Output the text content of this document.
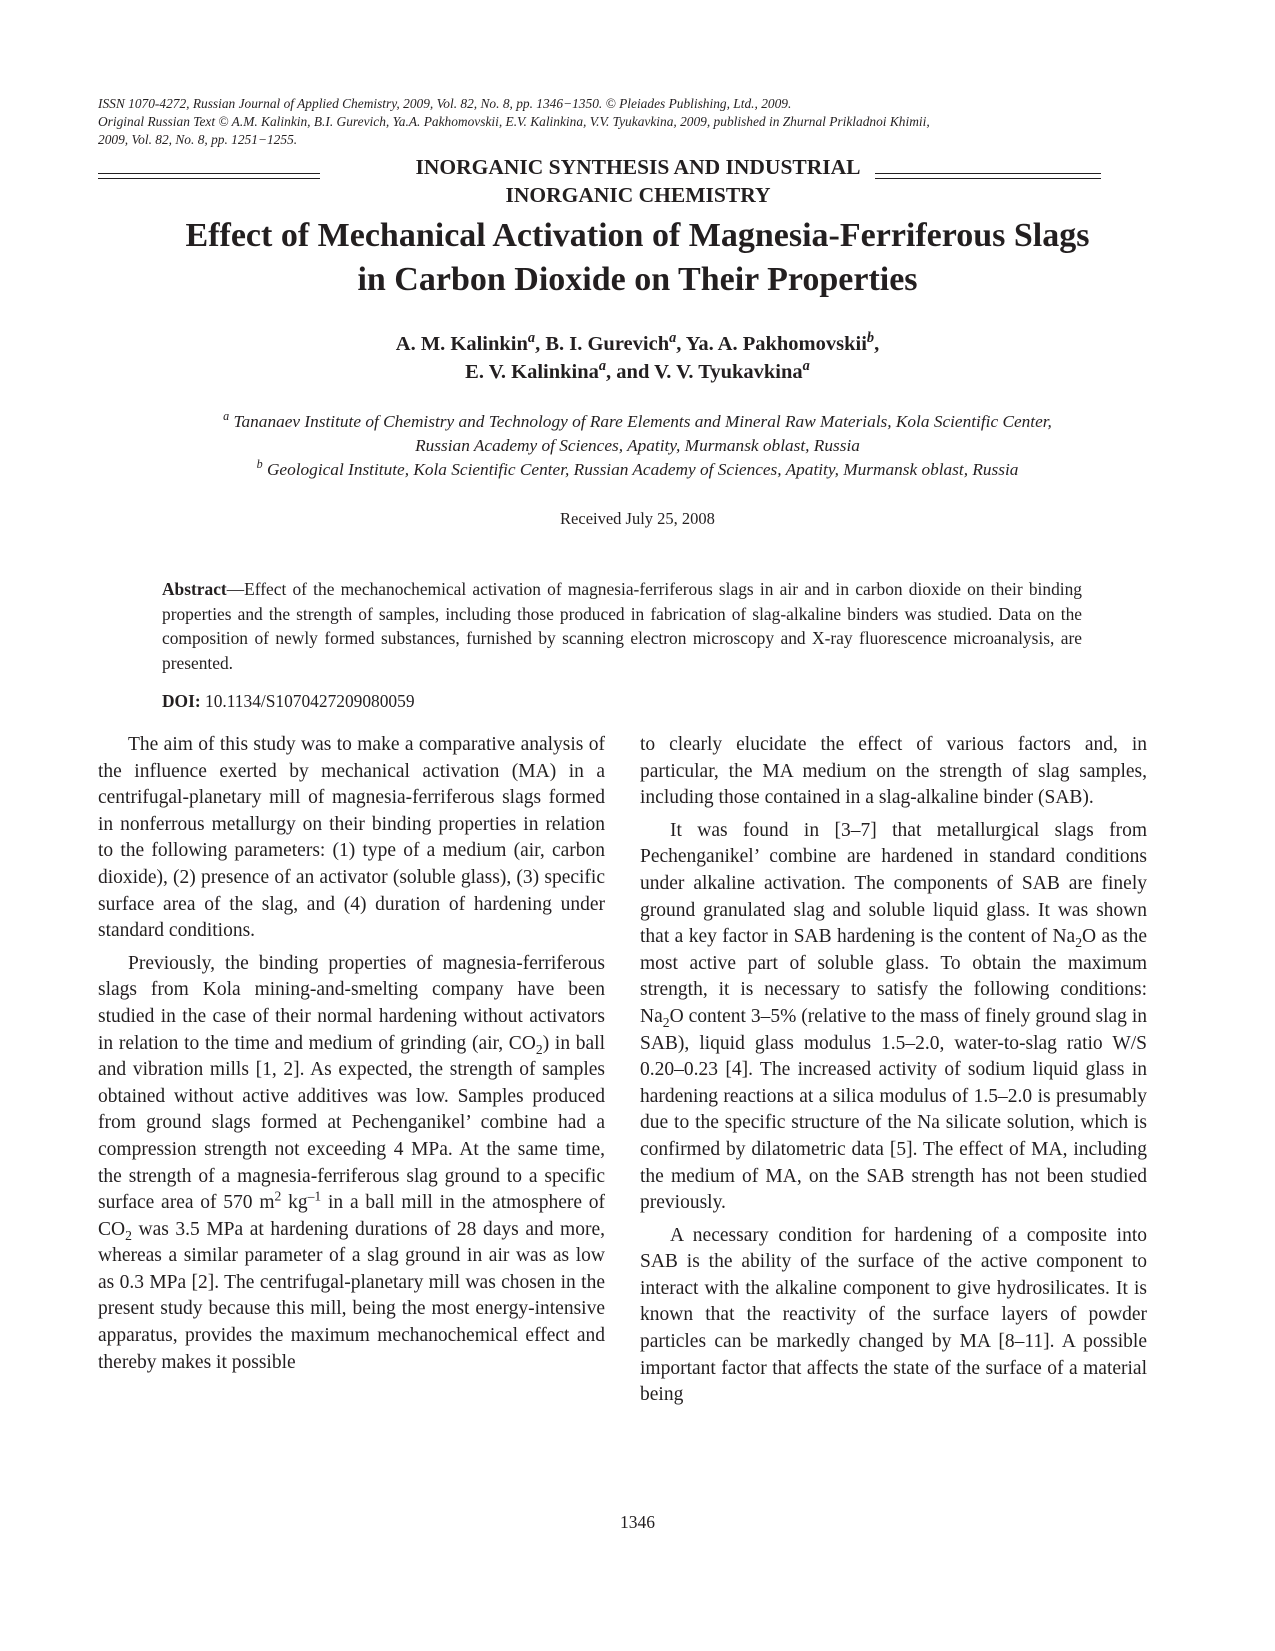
ISSN 1070-4272, Russian Journal of Applied Chemistry, 2009, Vol. 82, No. 8, pp. 1346−1350. © Pleiades Publishing, Ltd., 2009.
Original Russian Text © A.M. Kalinkin, B.I. Gurevich, Ya.A. Pakhomovskii, E.V. Kalinkina, V.V. Tyukavkina, 2009, published in Zhurnal Prikladnoi Khimii,
2009, Vol. 82, No. 8, pp. 1251−1255.
INORGANIC SYNTHESIS AND INDUSTRIAL
INORGANIC CHEMISTRY
Effect of Mechanical Activation of Magnesia-Ferriferous Slags
in Carbon Dioxide on Their Properties
A. M. Kalinkin$^a$, B. I. Gurevich$^a$, Ya. A. Pakhomovskii$^b$,
E. V. Kalinkina$^a$, and V. V. Tyukavkina$^a$
$^a$ Tananaev Institute of Chemistry and Technology of Rare Elements and Mineral Raw Materials, Kola Scientific Center,
Russian Academy of Sciences, Apatity, Murmansk oblast, Russia
$^b$ Geological Institute, Kola Scientific Center, Russian Academy of Sciences, Apatity, Murmansk oblast, Russia
Received July 25, 2008
Abstract—Effect of the mechanochemical activation of magnesia-ferriferous slags in air and in carbon dioxide on their binding properties and the strength of samples, including those produced in fabrication of slag-alkaline binders was studied. Data on the composition of newly formed substances, furnished by scanning electron microscopy and X-ray fluorescence microanalysis, are presented.
DOI: 10.1134/S1070427209080059

The aim of this study was to make a comparative analysis of the influence exerted by mechanical activation (MA) in a centrifugal-planetary mill of magnesia-ferriferous slags formed in nonferrous metallurgy on their binding properties in relation to the following parameters: (1) type of a medium (air, carbon dioxide), (2) presence of an activator (soluble glass), (3) specific surface area of the slag, and (4) duration of hardening under standard conditions.

Previously, the binding properties of magnesia-ferriferous slags from Kola mining-and-smelting company have been studied in the case of their normal hardening without activators in relation to the time and medium of grinding (air, $CO_2$) in ball and vibration mills [1, 2]. As expected, the strength of samples obtained without active additives was low. Samples produced from ground slags formed at Pechenganikel’ combine had a compression strength not exceeding 4 MPa. At the same time, the strength of a magnesia-ferriferous slag ground to a specific surface area of 570 $m^2$ $kg^{-1}$ in a ball mill in the atmosphere of $CO_2$ was 3.5 MPa at hardening durations of 28 days and more, whereas a similar parameter of a slag ground in air was as low as 0.3 MPa [2]. The centrifugal-planetary mill was chosen in the present study because this mill, being the most energy-intensive apparatus, provides the maximum mechanochemical effect and thereby makes it possible

to clearly elucidate the effect of various factors and, in particular, the MA medium on the strength of slag samples, including those contained in a slag-alkaline binder (SAB).

It was found in [3–7] that metallurgical slags from Pechenganikel’ combine are hardened in standard conditions under alkaline activation. The components of SAB are finely ground granulated slag and soluble liquid glass. It was shown that a key factor in SAB hardening is the content of $Na_2O$ as the most active part of soluble glass. To obtain the maximum strength, it is necessary to satisfy the following conditions: $Na_2O$ content 3–5% (relative to the mass of finely ground slag in SAB), liquid glass modulus 1.5–2.0, water-to-slag ratio W/S 0.20–0.23 [4]. The increased activity of sodium liquid glass in hardening reactions at a silica modulus of 1.5–2.0 is presumably due to the specific structure of the Na silicate solution, which is confirmed by dilatometric data [5]. The effect of MA, including the medium of MA, on the SAB strength has not been studied previously.

A necessary condition for hardening of a composite into SAB is the ability of the surface of the active component to interact with the alkaline component to give hydrosilicates. It is known that the reactivity of the surface layers of powder particles can be markedly changed by MA [8–11]. A possible important factor that affects the state of the surface of a material being

1346
